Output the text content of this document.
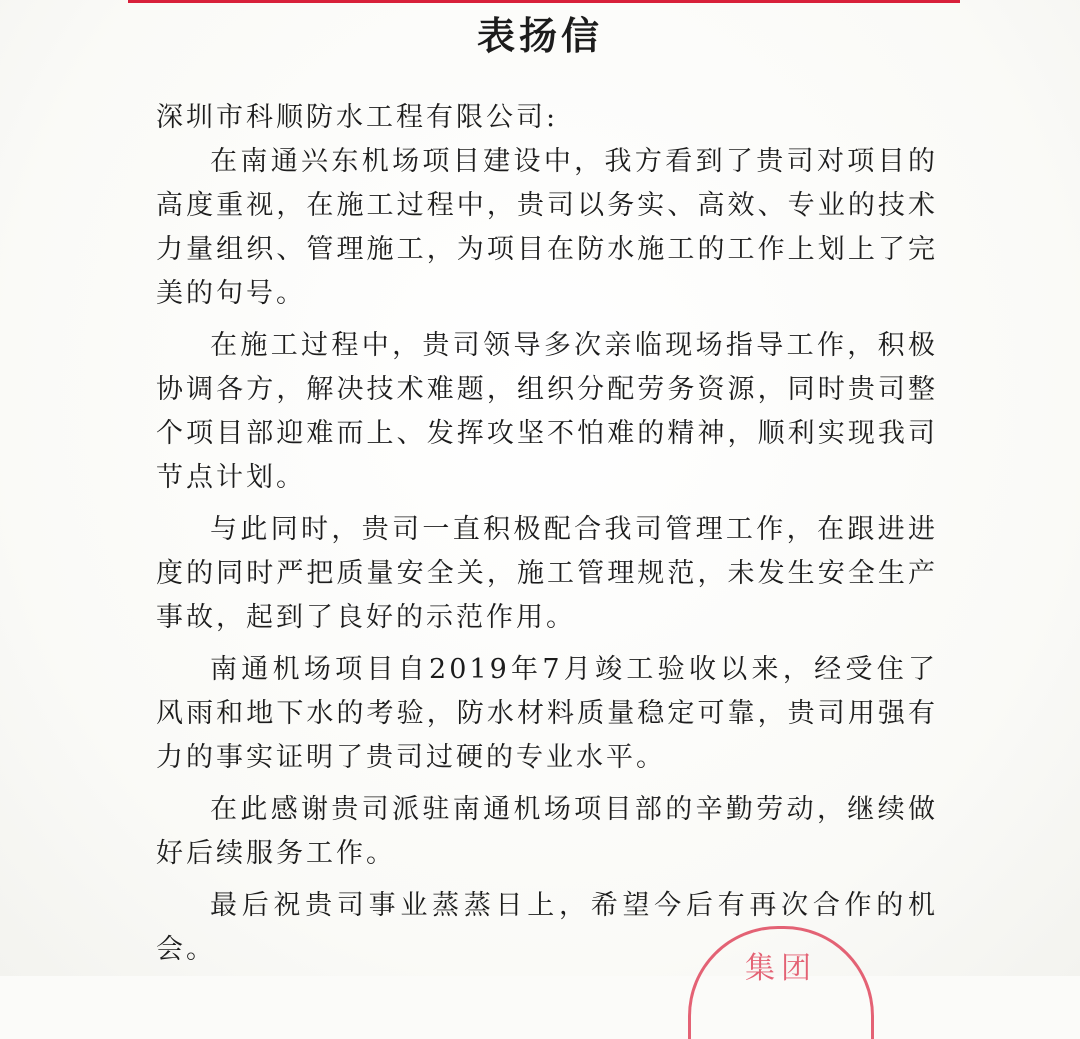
表扬信
深圳市科顺防水工程有限公司:

在南通兴东机场项目建设中，我方看到了贵司对项目的高度重视，在施工过程中，贵司以务实、高效、专业的技术力量组织、管理施工，为项目在防水施工的工作上划上了完美的句号。

在施工过程中，贵司领导多次亲临现场指导工作，积极协调各方，解决技术难题，组织分配劳务资源，同时贵司整个项目部迎难而上、发挥攻坚不怕难的精神，顺利实现我司节点计划。

与此同时，贵司一直积极配合我司管理工作，在跟进进度的同时严把质量安全关，施工管理规范，未发生安全生产事故，起到了良好的示范作用。

南通机场项目自2019年7月竣工验收以来，经受住了风雨和地下水的考验，防水材料质量稳定可靠，贵司用强有力的事实证明了贵司过硬的专业水平。

在此感谢贵司派驻南通机场项目部的辛勤劳动，继续做好后续服务工作。

最后祝贵司事业蒸蒸日上，希望今后有再次合作的机会。

集团
